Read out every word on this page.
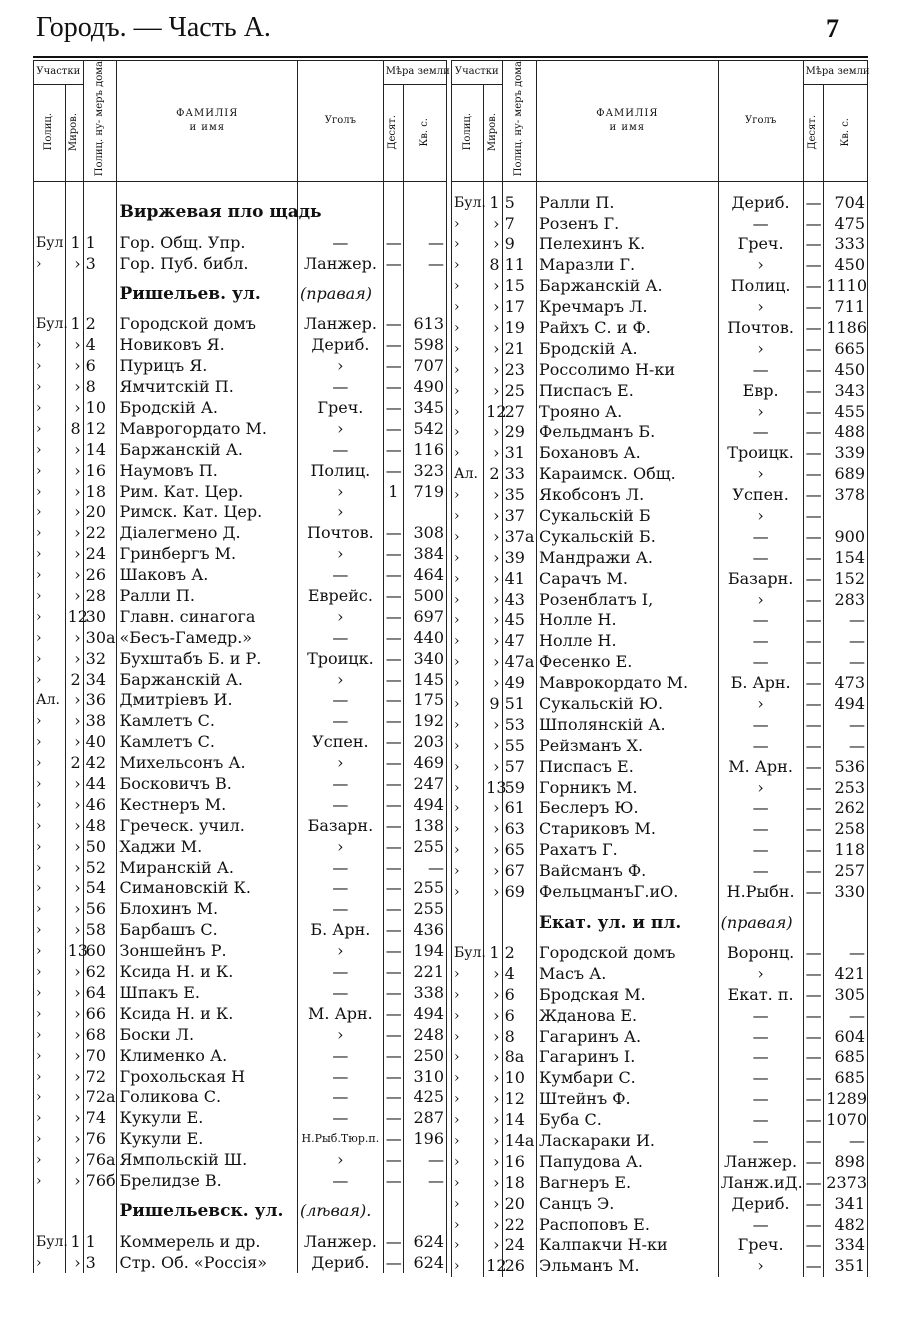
Городъ. — Часть А.	7
Участки		Полиц. ну- меръ дома	ФАМИЛІЯ
и имя	Уголъ	Мѣра земли	
Полиц.	Миров.				Десят.	Кв. с.

			Виржевая пло щадь			
Бул	1	1	Гор. Общ. Упр.	—	—	—
›	›	3	Гор. Пуб. библ.	Ланжер.	—	—
			Ришельев. ул.	(правая)		
Бул.	1	2	Городской домъ	Ланжер.	—	613
›	›	4	Новиковъ Я.	Дериб.	—	598
›	›	6	Пурицъ Я.	›	—	707
›	›	8	Ямчитскій П.	—	—	490
›	›	10	Бродскій А.	Греч.	—	345
›	8	12	Маврогордато М.	›	—	542
›	›	14	Баржанскій А.	—	—	116
›	›	16	Наумовъ П.	Полиц.	—	323
›	›	18	Рим. Кат. Цер.	›	1	719
›	›	20	Римск. Кат. Цер.	›		
›	›	22	Діалегмено Д.	Почтов.	—	308
›	›	24	Гринбергъ М.	›	—	384
›	›	26	Шаковъ А.	—	—	464
›	›	28	Ралли П.	Еврейс.	—	500
›	12	30	Главн. синагога	›	—	697
›	›	30а	«Бесъ-Гамедр.»	—	—	440
›	›	32	Бухштабъ Б. и Р.	Троицк.	—	340
›	2	34	Баржанскій А.	›	—	145
Ал.	›	36	Дмитріевъ И.	—	—	175
›	›	38	Камлетъ С.	—	—	192
›	›	40	Камлетъ С.	Успен.	—	203
›	2	42	Михельсонъ А.	›	—	469
›	›	44	Босковичъ В.	—	—	247
›	›	46	Кестнеръ М.	—	—	494
›	›	48	Греческ. учил.	Базарн.	—	138
›	›	50	Хаджи М.	›	—	255
›	›	52	Миранскій А.	—	—	—
›	›	54	Симановскій К.	—	—	255
›	›	56	Блохинъ М.	—	—	255
›	›	58	Барбашъ С.	Б. Арн.	—	436
›	13	60	Зоншейнъ Р.	›	—	194
›	›	62	Ксида Н. и К.	—	—	221
›	›	64	Шпакъ Е.	—	—	338
›	›	66	Ксида Н. и К.	М. Арн.	—	494
›	›	68	Боски Л.	›	—	248
›	›	70	Клименко А.	—	—	250
›	›	72	Грохольская Н	—	—	310
›	›	72а	Голикова С.	—	—	425
›	›	74	Кукули Е.	—	—	287
›	›	76	Кукули Е.	Н.Рыб.Тюр.п.	—	196
›	›	76а	Ямпольскій Ш.	›	—	—
›	›	76б	Брелидзе В.	—	—	—
			Ришельевск. ул.	(лѣвая).		
Бул.	1	1	Коммерель и др.	Ланжер.	—	624
›	›	3	Стр. Об. «Россія»	Дериб.	—	624
Участки		Полиц. ну- меръ дома	ФАМИЛІЯ
и имя	Уголъ	Мѣра земли	
Полиц.	Миров.				Десят.	Кв. с.

Бул.	1	5	Ралли П.	Дериб.	—	704
›	›	7	Розенъ Г.	—	—	475
›	›	9	Пелехинъ К.	Греч.	—	333
›	8	11	Маразли Г.	›	—	450
›	›	15	Баржанскій А.	Полиц.	—	1110
›	›	17	Кречмаръ Л.	›	—	711
›	›	19	Райхъ С. и Ф.	Почтов.	—	1186
›	›	21	Бродскій А.	›	—	665
›	›	23	Россолимо Н-ки	—	—	450
›	›	25	Писпасъ Е.	Евр.	—	343
›	12	27	Трояно А.	›	—	455
›	›	29	Фельдманъ Б.	—	—	488
›	›	31	Бохановъ А.	Троицк.	—	339
Ал.	2	33	Караимск. Общ.	›	—	689
›	›	35	Якобсонъ Л.	Успен.	—	378
›	›	37	Сукальскій Б	›	—	
›	›	37а	Сукальскій Б.	—	—	900
›	›	39	Мандражи А.	—	—	154
›	›	41	Сарачъ М.	Базарн.	—	152
›	›	43	Розенблатъ І,	›	—	283
›	›	45	Нолле Н.	—	—	—
›	›	47	Нолле Н.	—	—	—
›	›	47а	Фесенко Е.	—	—	—
›	›	49	Маврокордато М.	Б. Арн.	—	473
›	9	51	Сукальскій Ю.	›	—	494
›	›	53	Шполянскій А.	—	—	—
›	›	55	Рейзманъ Х.	—	—	—
›	›	57	Писпасъ Е.	М. Арн.	—	536
›	13	59	Горникъ М.	›	—	253
›	›	61	Беслеръ Ю.	—	—	262
›	›	63	Стариковъ М.	—	—	258
›	›	65	Рахатъ Г.	—	—	118
›	›	67	Вайсманъ Ф.	—	—	257
›	›	69	ФельцманъГ.иО.	Н.Рыбн.	—	330
			Екат. ул. и пл.	(правая)		
Бул.	1	2	Городской домъ	Воронц.	—	—
›	›	4	Масъ А.	›	—	421
›	›	6	Бродская М.	Екат. п.	—	305
›	›	6	Жданова Е.	—	—	—
›	›	8	Гагаринъ А.	—	—	604
›	›	8а	Гагаринъ І.	—	—	685
›	›	10	Кумбари С.	—	—	685
›	›	12	Штейнъ Ф.	—	—	1289
›	›	14	Буба С.	—	—	1070
›	›	14а	Ласкараки И.	—	—	—
›	›	16	Папудова А.	Ланжер.	—	898
›	›	18	Вагнеръ Е.	Ланж.иД.	—	2373
›	›	20	Санцъ Э.	Дериб.	—	341
›	›	22	Распоповъ Е.	—	—	482
›	›	24	Калпакчи Н-ки	Греч.	—	334
›	12	26	Эльманъ М.	›	—	351
